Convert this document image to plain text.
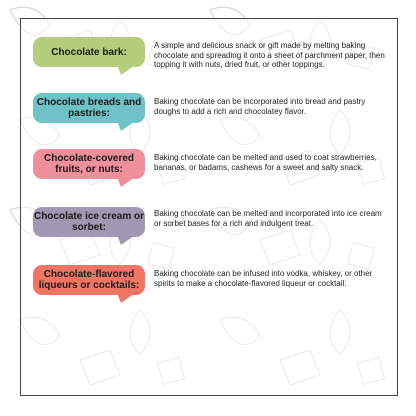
Chocolate bark:
A simple and delicious snack or gift made by melting baking chocolate and spreading it onto a sheet of parchment paper, then topping it with nuts, dried fruit, or other toppings.
Chocolate breads and pastries:
Baking chocolate can be incorporated into bread and pastry doughs to add a rich and chocolatey flavor.
Chocolate-covered fruits, or nuts:
Baking chocolate can be melted and used to coat strawberries, bananas, or badams, cashews for a sweet and salty snack.
Chocolate ice cream or sorbet:
Baking chocolate can be melted and incorporated into ice cream or sorbet bases for a rich and indulgent treat.
Chocolate-flavored liqueurs or cocktails:
Baking chocolate can be infused into vodka, whiskey, or other spirits to make a chocolate-flavored liqueur or cocktail.
